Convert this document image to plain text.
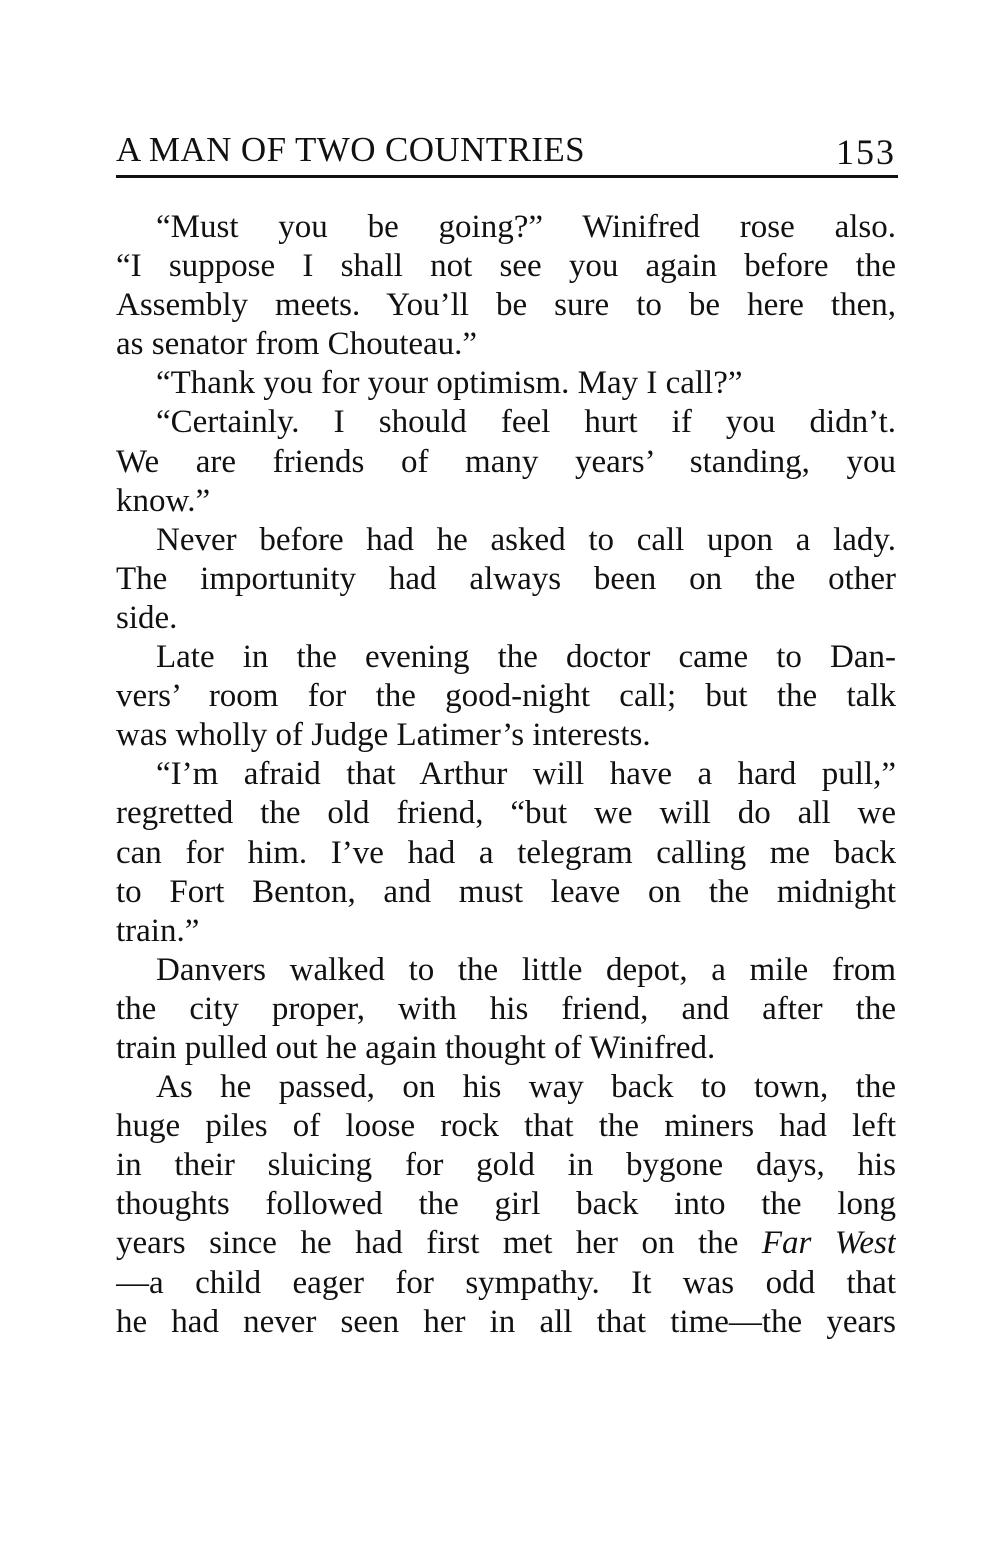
A MAN OF TWO COUNTRIES	153
“Must you be going?” Winifred rose also.
“I suppose I shall not see you again before the
Assembly meets. You’ll be sure to be here then,
as senator from Chouteau.”
“Thank you for your optimism. May I call?”
“Certainly. I should feel hurt if you didn’t.
We are friends of many years’ standing, you
know.”
Never before had he asked to call upon a lady.
The importunity had always been on the other
side.
Late in the evening the doctor came to Dan-
vers’ room for the good-night call; but the talk
was wholly of Judge Latimer’s interests.
“I’m afraid that Arthur will have a hard pull,”
regretted the old friend, “but we will do all we
can for him. I’ve had a telegram calling me back
to Fort Benton, and must leave on the midnight
train.”
Danvers walked to the little depot, a mile from
the city proper, with his friend, and after the
train pulled out he again thought of Winifred.
As he passed, on his way back to town, the
huge piles of loose rock that the miners had left
in their sluicing for gold in bygone days, his
thoughts followed the girl back into the long
years since he had first met her on the Far West
—a child eager for sympathy. It was odd that
he had never seen her in all that time—the years
